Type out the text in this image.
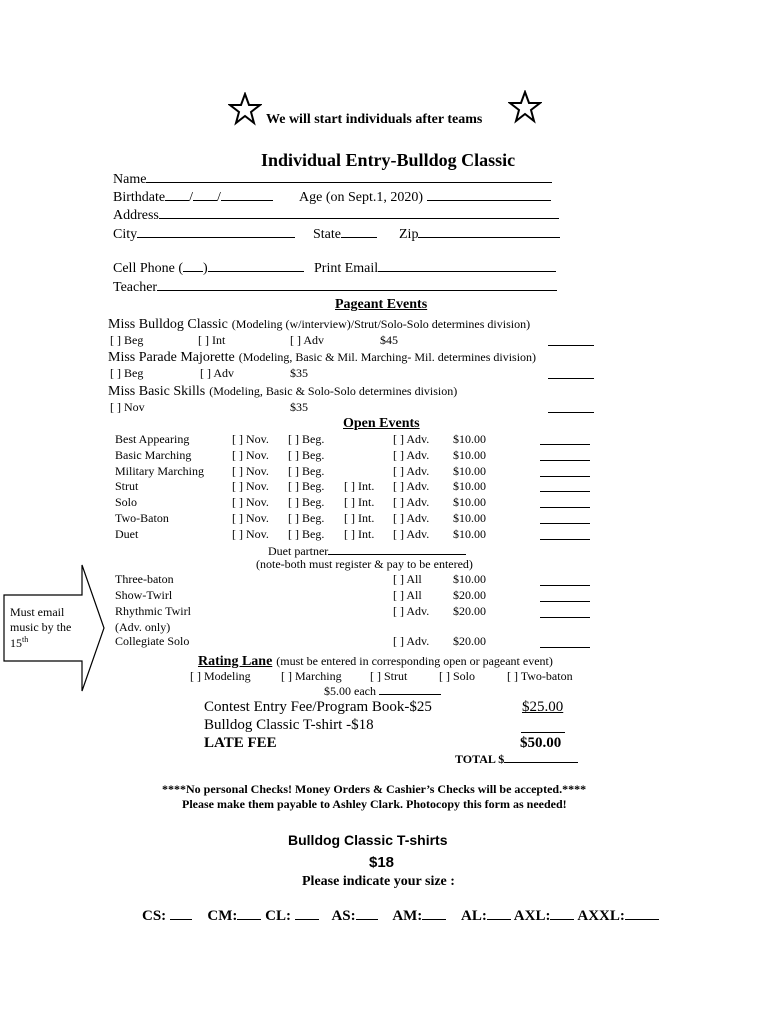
We will start individuals after teams
Individual Entry-Bulldog Classic
Name
Birthdate / /	Age (on Sept.1, 2020)
Address
City	State	Zip
Cell Phone ( )	Print Email
Teacher
Pageant Events
Miss Bulldog Classic (Modeling (w/interview)/Strut/Solo-Solo determines division)
[ ] Beg	[ ] Int	[ ] Adv	$45
Miss Parade Majorette (Modeling, Basic & Mil. Marching- Mil. determines division)
[ ] Beg	[ ] Adv	$35
Miss Basic Skills (Modeling, Basic & Solo-Solo determines division)
[ ] Nov	$35
Open Events
Best Appearing	[ ] Nov. [ ] Beg.	[ ] Adv. $10.00
Basic Marching	[ ] Nov. [ ] Beg.	[ ] Adv. $10.00
Military Marching [ ] Nov. [ ] Beg.	[ ] Adv. $10.00
Strut	[ ] Nov. [ ] Beg. [ ] Int. [ ] Adv. $10.00
Solo	[ ] Nov. [ ] Beg. [ ] Int. [ ] Adv. $10.00
Two-Baton	[ ] Nov. [ ] Beg. [ ] Int. [ ] Adv. $10.00
Duet	[ ] Nov. [ ] Beg. [ ] Int. [ ] Adv. $10.00
Duet partner
(note-both must register & pay to be entered)
Three-baton	[ ] All	$10.00
Show-Twirl	[ ] All	$20.00
Rhythmic Twirl	[ ] Adv. $20.00
(Adv. only)
Collegiate Solo	[ ] Adv. $20.00
Must email
music by the
15th
Rating Lane (must be entered in corresponding open or pageant event)
[ ] Modeling	[ ] Marching [ ] Strut	[ ] Solo	[ ] Two-baton
$5.00 each
Contest Entry Fee/Program Book-$25	$25.00
Bulldog Classic T-shirt -$18
LATE FEE	$50.00
TOTAL $
****No personal Checks! Money Orders & Cashier’s Checks will be accepted.****
Please make them payable to Ashley Clark. Photocopy this form as needed!
Bulldog Classic T-shirts
$18
Please indicate your size :
CS:	CM: CL:	AS: AM:	AL: AXL: AXXL:
